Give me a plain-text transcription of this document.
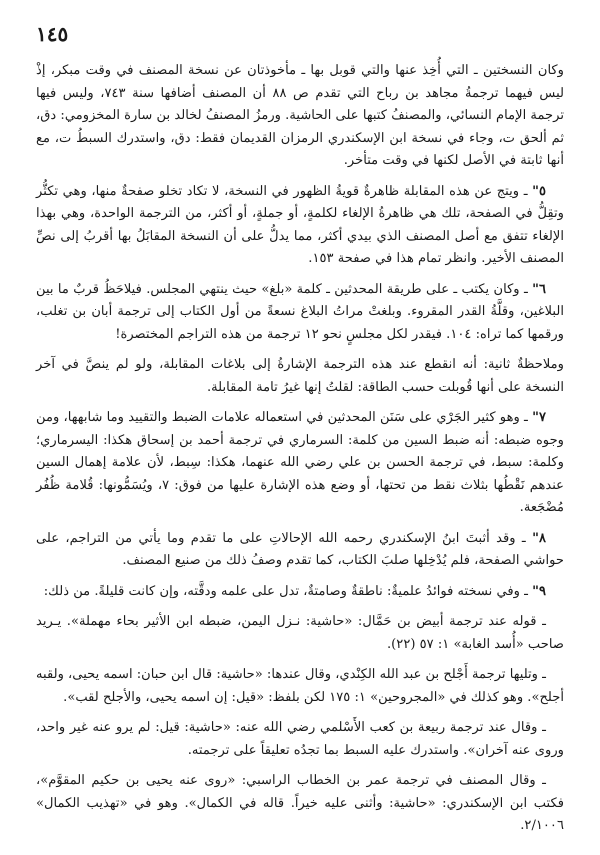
١٤٥

وكان النسختين ـ التي أُخِذ عنها والتي قوبل بها ـ مأخوذتان عن نسخة المصنف في وقت مبكر، إذْ ليس فيهما ترجمةُ مجاهد بن رباح التي تقدم ص ٨٨ أن المصنف أضافها سنة ٧٤٣، وليس فيها ترجمة الإمام النسائي، والمصنفُ كتبها على الحاشية. ورمزُ المصنفُ لخالد بن سارة المخزومي: دق، ثم ألحق ت، وجاء في نسخة ابن الإسكندري الرمزان القديمان فقط: دق، واستدرك السبطُ ت، مع أنها ثابتة في الأصل لكنها في وقت متأخر.

٥" ـ ويتج عن هذه المقابلة ظاهرةٌ قويةُ الظهور في النسخة، لا تكاد تخلو صفحةٌ منها، وهي تكثُّر وتقِلُّ في الصفحة، تلك هي ظاهرةُ الإلغاء لكلمةٍ، أو جملةٍ، أو أكثر، من الترجمة الواحدة، وهي بهذا الإلغاء تتفق مع أصل المصنف الذي بيدي أكثر، مما يدلُّ على أن النسخة المقابَلُ بها أقربُ إلى نصِّ المصنف الأخير. وانظر تمام هذا في صفحة ١٥٣.

٦" ـ وكان يكتب ـ على طريقة المحدثين ـ كلمة «بلغ» حيث ينتهي المجلس. فيلاحَظُ قربٌ ما بين البلاغين، وقلَّةُ القدر المقروء. وبلغتْ مراتُ البلاغ نسعةً من أول الكتاب إلى ترجمة أبان بن تغلب، ورقمها كما تراه: ١٠٤. فيقدر لكل مجلسٍ نحو ١٢ ترجمة من هذه التراجم المختصرة!

وملاحظةٌ ثانية: أنه انقطع عند هذه الترجمة الإشارةُ إلى بلاغات المقابلة، ولو لم ينصَّ في آخر النسخة على أنها قُوبلت حسب الطاقة: لقلتُ إنها غيرُ تامة المقابلة.

٧" ـ وهو كثير الجَرْي على سَنَن المحدثين في استعماله علامات الضبط والتقييد وما شابهها، ومن وجوه ضبطه: أنه ضبط السين من كلمة: السرماري في ترجمة أحمد بن إسحاق هكذا: اليسرماري؛ وكلمة: سبط، في ترجمة الحسن بن علي رضي الله عنهما، هكذا: سِبط، لأن علامة إهمال السين عندهم نَقْطُها بثلاث نقط من تحتها، أو وضع هذه الإشارة عليها من فوق: ٧، ويُسَمُّونها: قُلامة ظُفُر مُضْجَعة.

٨" ـ وقد أثبتَ ابنُ الإسكندري رحمه الله الإحالاتِ على ما تقدم وما يأتي من التراجم، على حواشي الصفحة، فلم يُدْخِلها صلبَ الكتاب، كما تقدم وصفُ ذلك من صنيع المصنف.

٩" ـ وفي نسخته فوائدُ علميةٌ: ناطقةٌ وصامتةٌ، تدل على علمه ودقَّته، وإن كانت قليلةً. من ذلك:

ـ قوله عند ترجمة أبيض بن حَمَّال: «حاشية: نـزل اليمن، ضبطه ابن الأثير بحاء مهملة». يـريد صاحب «أُسد الغابة» ١: ٥٧ (٢٢).

ـ وتليها ترجمة أَجْلح بن عبد الله الكِنْدي، وقال عندها: «حاشية: قال ابن حبان: اسمه يحيى، ولقبه أجلح». وهو كذلك في «المجروحين» ١: ١٧٥ لكن بلفظ: «قيل: إن اسمه يحيى، والأجلح لقب».

ـ وقال عند ترجمة ربيعة بن كعب الأَسْلمي رضي الله عنه: «حاشية: قيل: لم يرو عنه غير واحد، وروى عنه آخران». واستدرك عليه السبط بما تجدُه تعليقاً على ترجمته.

ـ وقال المصنف في ترجمة عمر بن الخطاب الراسبي: «روى عنه يحيى بن حكيم المقوَّم»، فكتب ابن الإسكندري: «حاشية: وأثنى عليه خيراً. قاله في الكمال». وهو في «تهذيب الكمال» ٢/١٠٠٦.
